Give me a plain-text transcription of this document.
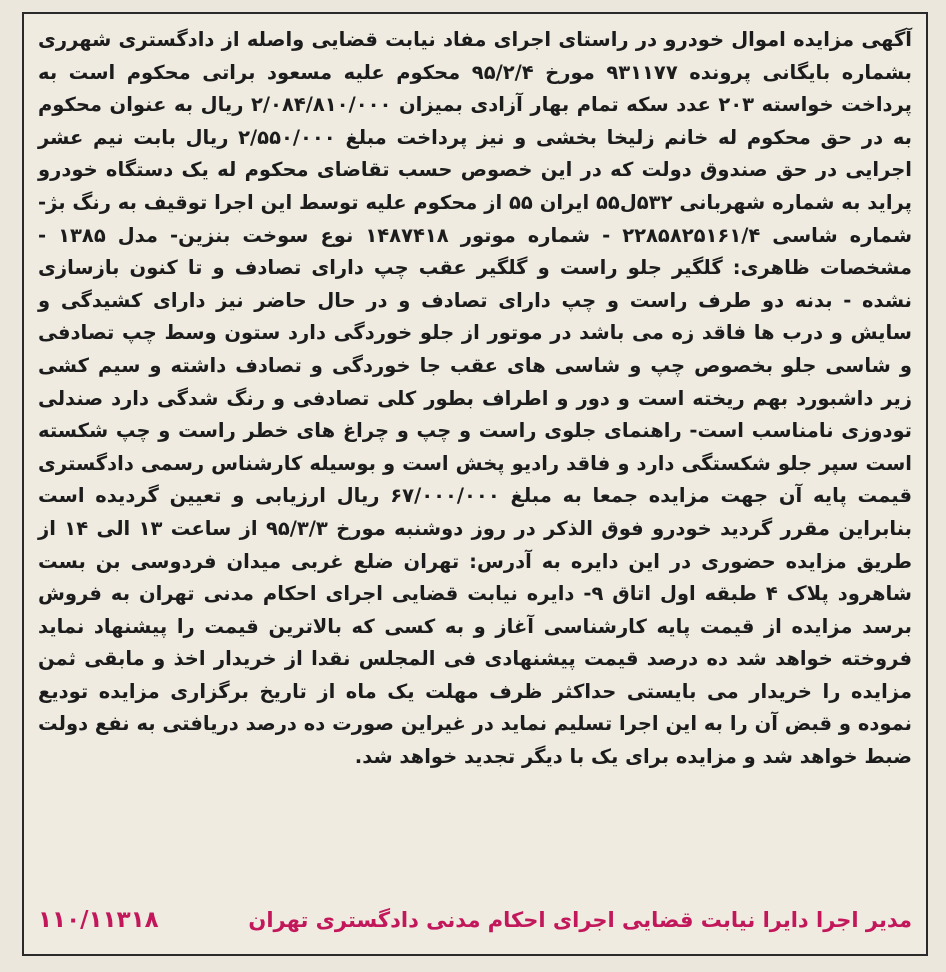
آگهی مزایده اموال خودرو در راستای اجرای مفاد نیابت قضایی واصله از دادگستری شهرری بشماره بایگانی پرونده ۹۳۱۱۷۷ مورخ ۹۵/۲/۴ محکوم علیه مسعود براتی محکوم است به پرداخت خواسته ۲۰۳ عدد سکه تمام بهار آزادی بمیزان ۲/۰۸۴/۸۱۰/۰۰۰ ریال به عنوان محکوم به در حق محکوم له خانم زلیخا بخشی و نیز پرداخت مبلغ ۲/۵۵۰/۰۰۰ ریال بابت نیم عشر اجرایی در حق صندوق دولت که در این خصوص حسب تقاضای محکوم له یک دستگاه خودرو پراید به شماره شهربانی ۵۳۲ل۵۵ ایران ۵۵ از محکوم علیه توسط این اجرا توقیف به رنگ بژ- شماره شاسی ۲۲۸۵۸۲۵۱۶۱/۴ - شماره موتور ۱۴۸۷۴۱۸ نوع سوخت بنزین- مدل ۱۳۸۵ - مشخصات ظاهری: گلگیر جلو راست و گلگیر عقب چپ دارای تصادف و تا کنون بازسازی نشده - بدنه دو طرف راست و چپ دارای تصادف و در حال حاضر نیز دارای کشیدگی و سایش و درب ها فاقد زه می باشد در موتور از جلو خوردگی دارد ستون وسط چپ تصادفی و شاسی جلو بخصوص چپ و شاسی های عقب جا خوردگی و تصادف داشته و سیم کشی زیر داشبورد بهم ریخته است و دور و اطراف بطور کلی تصادفی و رنگ شدگی دارد صندلی تودوزی نامناسب است- راهنمای جلوی راست و چپ و چراغ های خطر راست و چپ شکسته است سپر جلو شکستگی دارد و فاقد رادیو پخش است و بوسیله کارشناس رسمی دادگستری قیمت پایه آن جهت مزایده جمعا به مبلغ ۶۷/۰۰۰/۰۰۰ ریال ارزیابی و تعیین گردیده است بنابراین مقرر گردید خودرو فوق الذکر در روز دوشنبه مورخ ۹۵/۳/۳ از ساعت ۱۳ الی ۱۴ از طریق مزایده حضوری در این دایره به آدرس: تهران ضلع غربی میدان فردوسی بن بست شاهرود پلاک ۴ طبقه اول اتاق ۹- دایره نیابت قضایی اجرای احکام مدنی تهران به فروش برسد مزایده از قیمت پایه کارشناسی آغاز و به کسی که بالاترین قیمت را پیشنهاد نماید فروخته خواهد شد ده درصد قیمت پیشنهادی فی المجلس نقدا از خریدار اخذ و مابقی ثمن مزایده را خریدار می بایستی حداکثر ظرف مهلت یک ماه از تاریخ برگزاری مزایده تودیع نموده و قبض آن را به این اجرا تسلیم نماید در غیراین صورت ده درصد دریافتی به نفع دولت ضبط خواهد شد و مزایده برای یک با دیگر تجدید خواهد شد.

مدیر اجرا دایرا نیابت قضایی اجرای احکام مدنی دادگستری تهران
۱۱۰/۱۱۳۱۸
